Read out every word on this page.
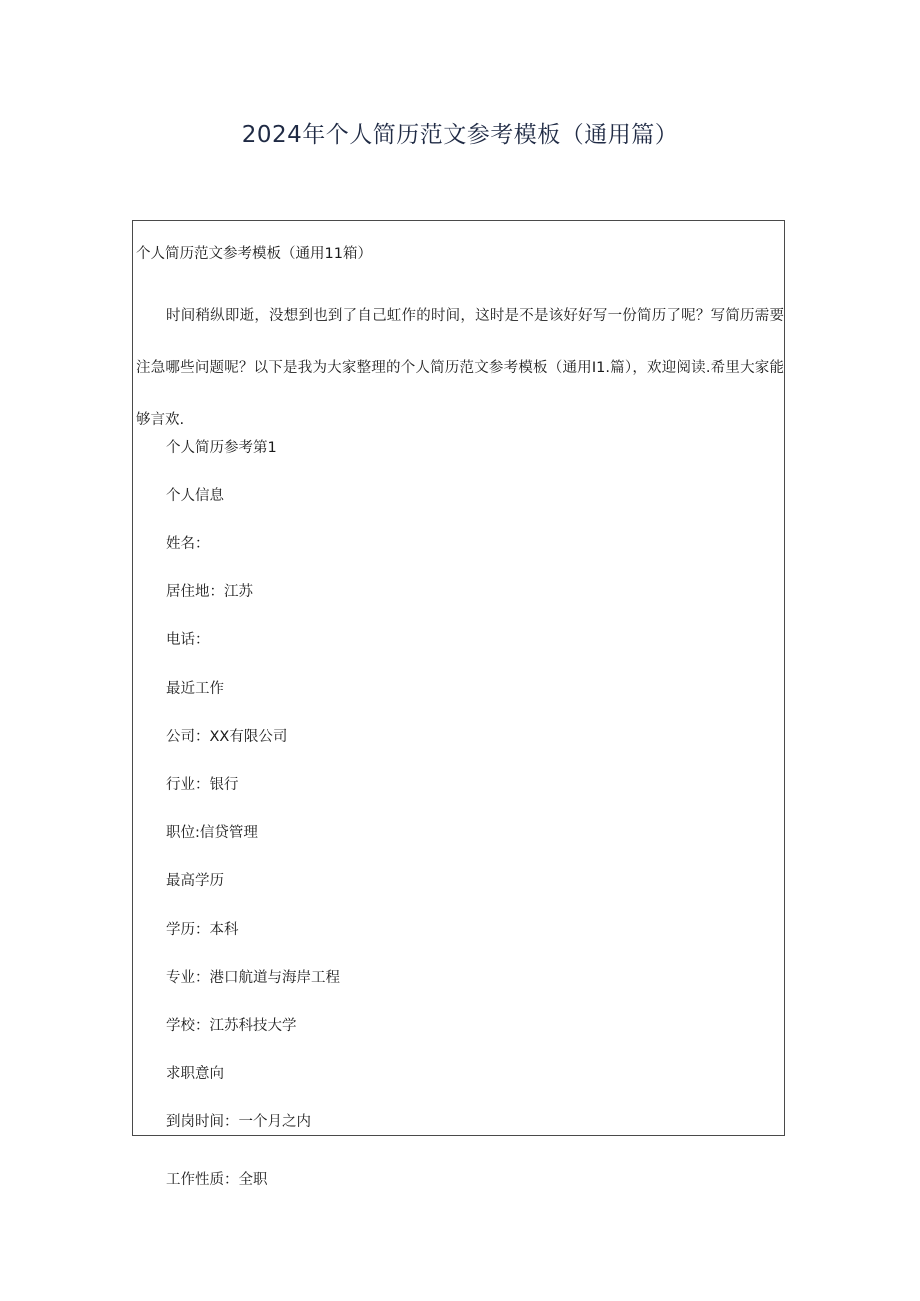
2024年个人简历范文参考模板（通用篇）
个人简历范文参考模板（通用11箱）

时间稍纵即逝，没想到也到了自己虹作的时间，这时是不是该好好写一份简历了呢？写简历需要注急哪些问题呢？以下是我为大家整理的个人简历范文参考模板（通用I1.篇），欢迎阅读.希里大家能够言欢.

个人简历参考第1
个人信息
姓名：
居住地：江苏
电话：
最近工作
公司：XX有限公司
行业：银行
职位:信贷管理
最高学历
学历：本科
专业：港口航道与海岸工程
学校：江苏科技大学
求职意向
到岗时间：一个月之内
工作性质：全职
